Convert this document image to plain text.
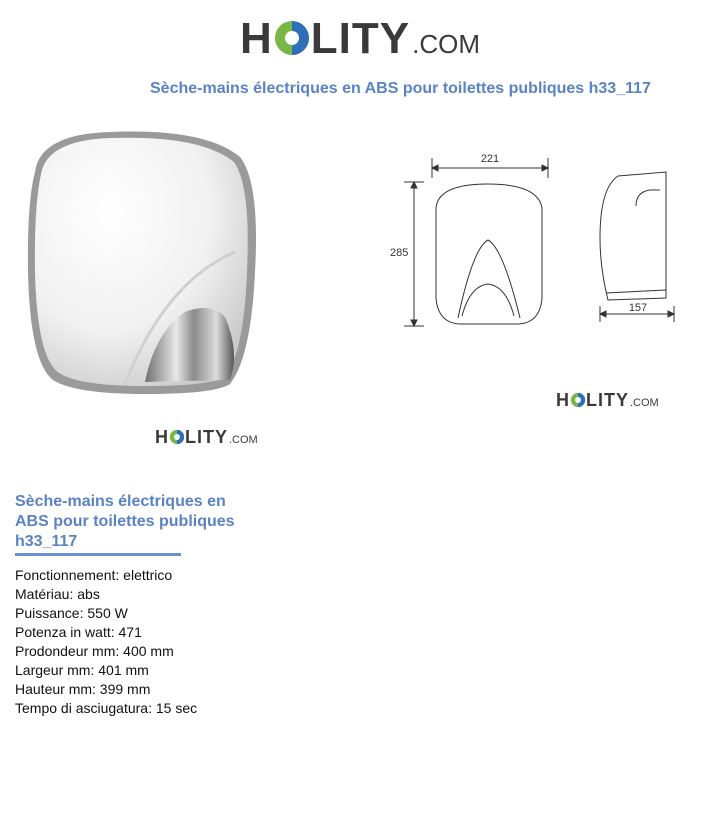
H LITY .COM
Sèche-mains électriques en ABS pour toilettes publiques h33_117
H LITY .COM
221
285
157
H LITY .COM
Sèche-mains électriques en ABS pour toilettes publiques h33_117
Fonctionnement: elettrico
Matériau: abs
Puissance: 550 W
Potenza in watt: 471
Prodondeur mm: 400 mm
Largeur mm: 401 mm
Hauteur mm: 399 mm
Tempo di asciugatura: 15 sec
